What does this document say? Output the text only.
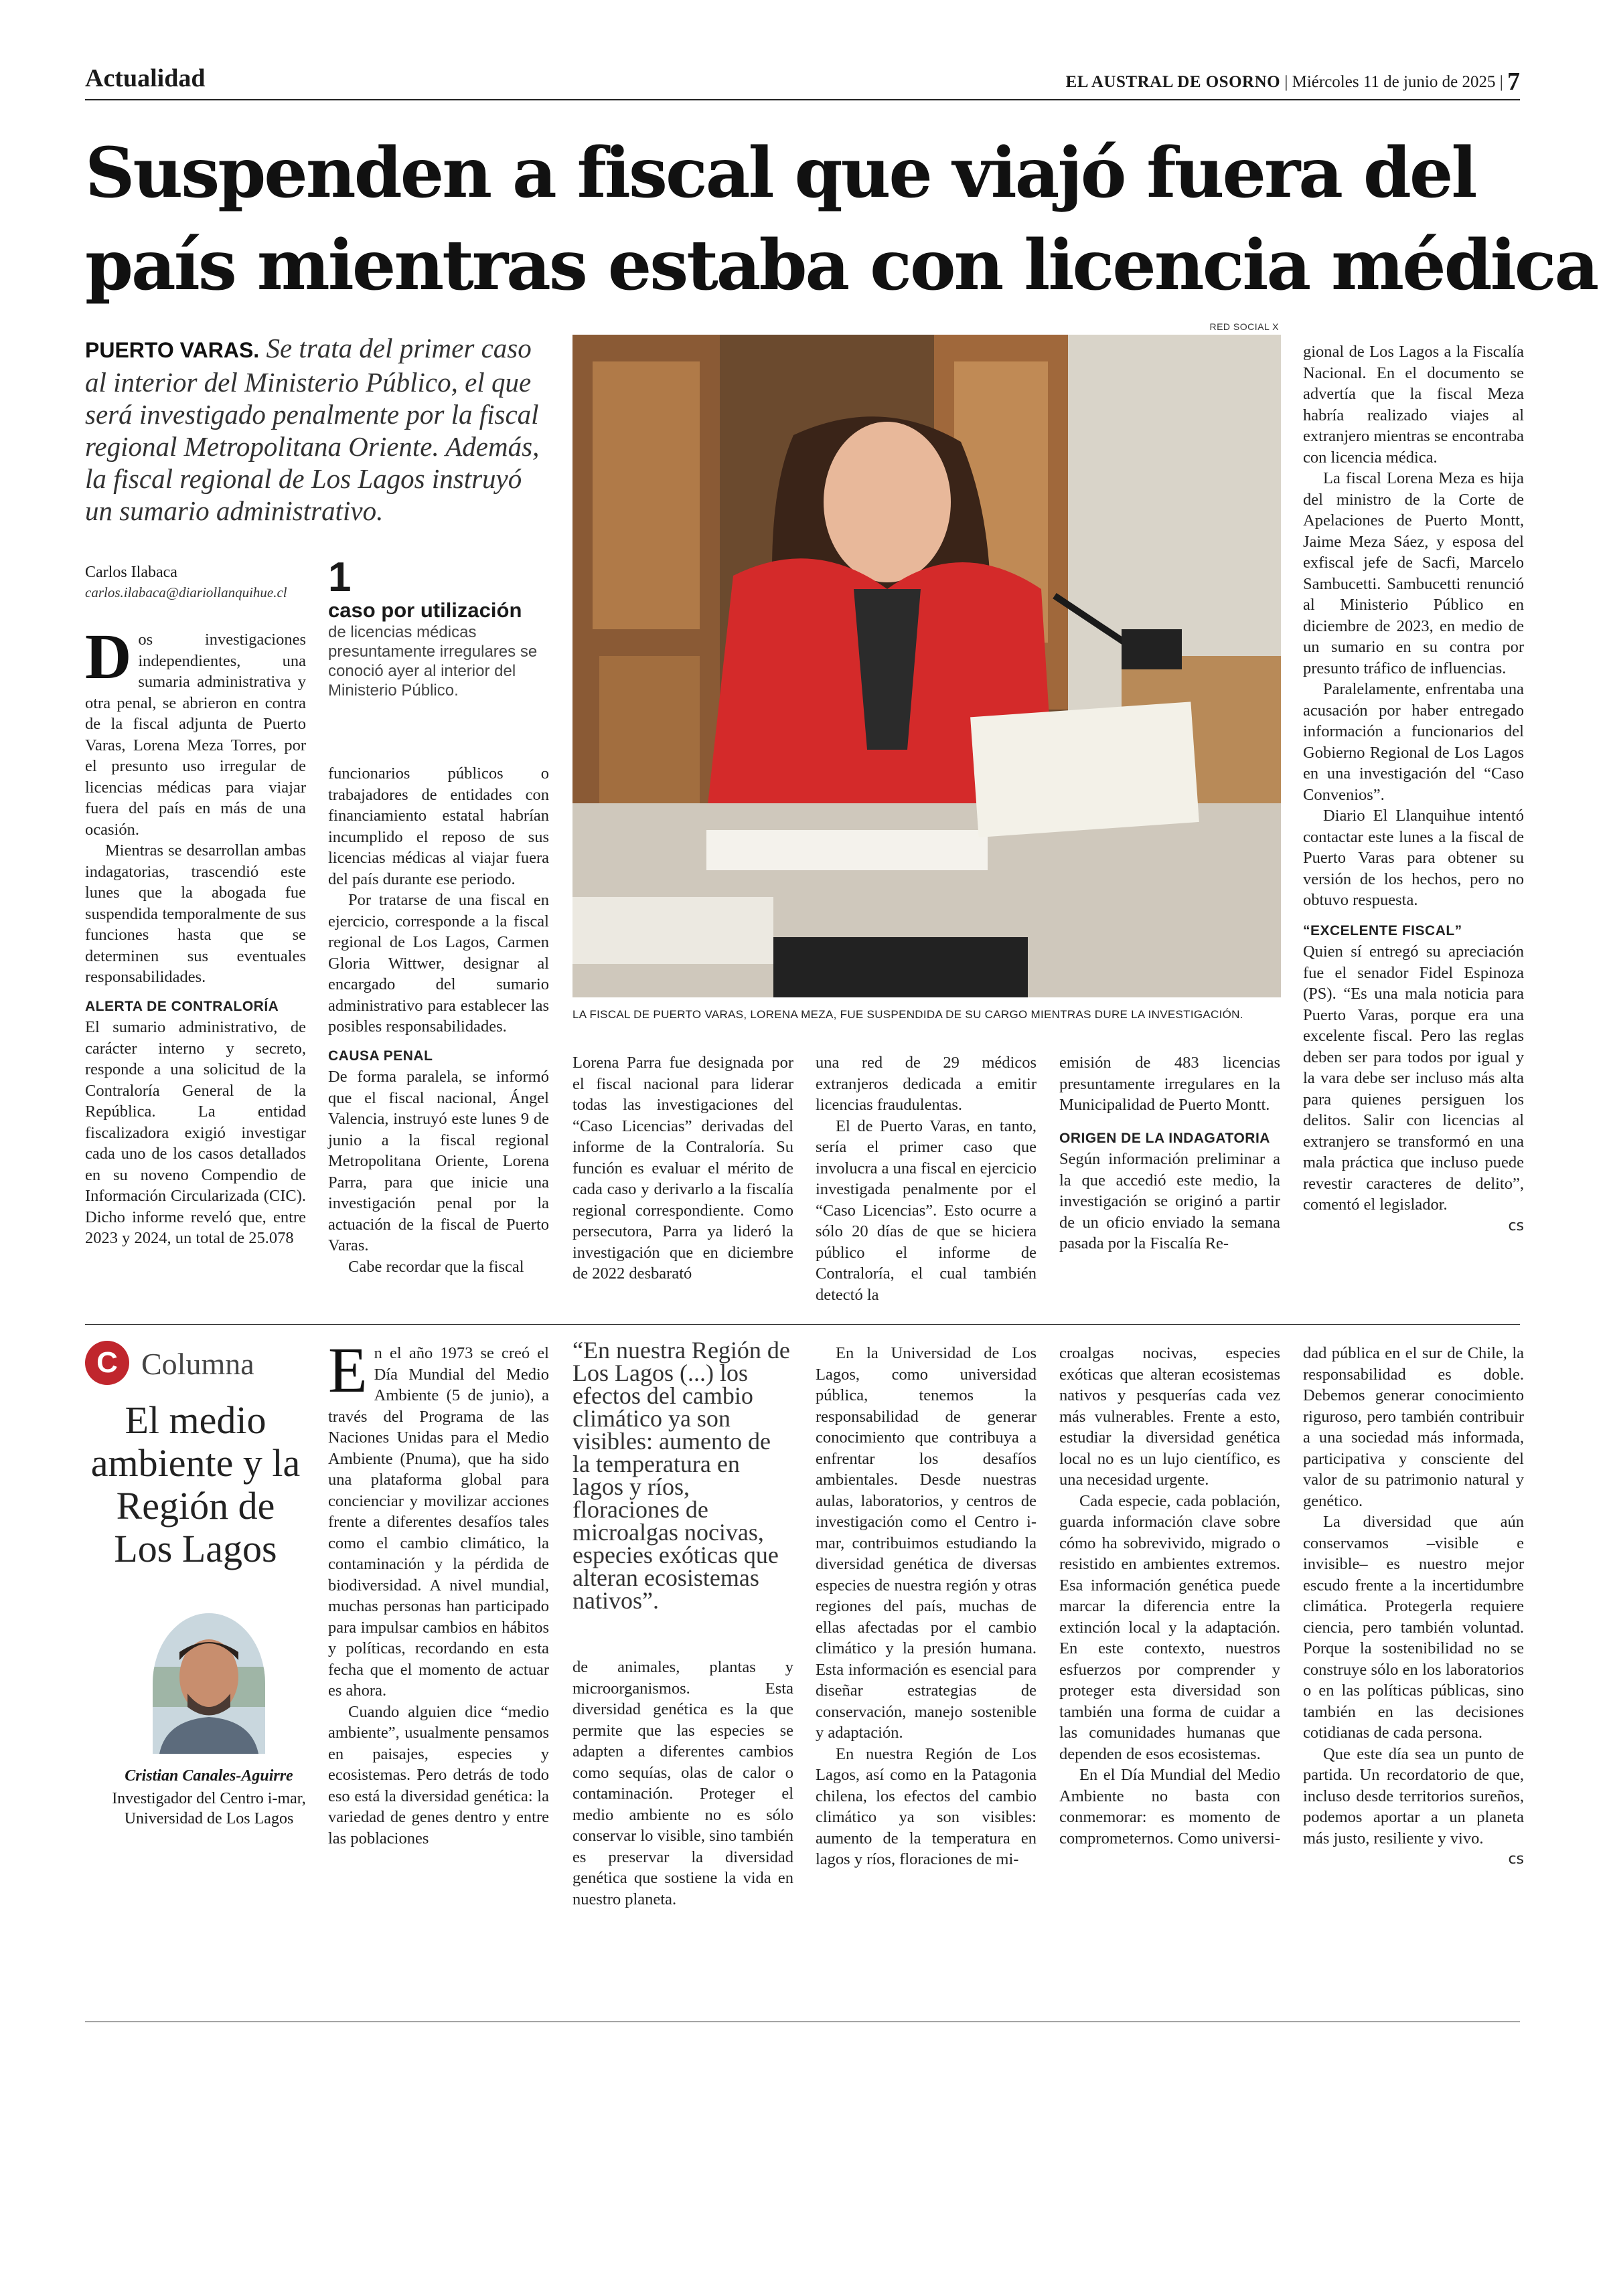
Actualidad	EL AUSTRAL DE OSORNO | Miércoles 11 de junio de 2025 | 7
Suspenden a fiscal que viajó fuera del
país mientras estaba con licencia médica
PUERTO VARAS. Se trata del primer caso al interior del Ministerio Público, el que será investigado penalmente por la fiscal regional Metropolitana Oriente. Además, la fiscal regional de Los Lagos instruyó un sumario administrativo.
Carlos Ilabaca
carlos.ilabaca@diariollanquihue.cl 1
caso por utilización
de licencias médicas presuntamente irregulares se conoció ayer al interior del Ministerio Público.

Dos investigaciones independientes, una sumaria administrativa y otra penal, se abrieron en contra de la fiscal adjunta de Puerto Varas, Lorena Meza Torres, por el presunto uso irregular de licencias médicas para viajar fuera del país en más de una ocasión.

Mientras se desarrollan ambas indagatorias, trascendió este lunes que la abogada fue suspendida temporalmente de sus funciones hasta que se determinen sus eventuales responsabilidades.

ALERTA DE CONTRALORÍA

El sumario administrativo, de carácter interno y secreto, responde a una solicitud de la Contraloría General de la República. La entidad fiscalizadora exigió investigar cada uno de los casos detallados en su noveno Compendio de Información Circularizada (CIC). Dicho informe reveló que, entre 2023 y 2024, un total de 25.078

funcionarios públicos o trabajadores de entidades con financiamiento estatal habrían incumplido el reposo de sus licencias médicas al viajar fuera del país durante ese periodo.

Por tratarse de una fiscal en ejercicio, corresponde a la fiscal regional de Los Lagos, Carmen Gloria Wittwer, designar al encargado del sumario administrativo para establecer las posibles responsabilidades.

CAUSA PENAL

De forma paralela, se informó que el fiscal nacional, Ángel Valencia, instruyó este lunes 9 de junio a la fiscal regional Metropolitana Oriente, Lorena Parra, para que inicie una investigación penal por la actuación de la fiscal de Puerto Varas.

Cabe recordar que la fiscal

RED SOCIAL X
LA FISCAL DE PUERTO VARAS, LORENA MEZA, FUE SUSPENDIDA DE SU CARGO MIENTRAS DURE LA INVESTIGACIÓN.

Lorena Parra fue designada por el fiscal nacional para liderar todas las investigaciones del “Caso Licencias” derivadas del informe de la Contraloría. Su función es evaluar el mérito de cada caso y derivarlo a la fiscalía regional correspondiente. Como persecutora, Parra ya lideró la investigación que en diciembre de 2022 desbarató

una red de 29 médicos extranjeros dedicada a emitir licencias fraudulentas.

El de Puerto Varas, en tanto, sería el primer caso que involucra a una fiscal en ejercicio investigada penalmente por el “Caso Licencias”. Esto ocurre a sólo 20 días de que se hiciera público el informe de Contraloría, el cual también detectó la

emisión de 483 licencias presuntamente irregulares en la Municipalidad de Puerto Montt.

ORIGEN DE LA INDAGATORIA

Según información preliminar a la que accedió este medio, la investigación se originó a partir de un oficio enviado la semana pasada por la Fiscalía Re-

gional de Los Lagos a la Fiscalía Nacional. En el documento se advertía que la fiscal Meza habría realizado viajes al extranjero mientras se encontraba con licencia médica.

La fiscal Lorena Meza es hija del ministro de la Corte de Apelaciones de Puerto Montt, Jaime Meza Sáez, y esposa del exfiscal jefe de Sacfi, Marcelo Sambucetti. Sambucetti renunció al Ministerio Público en diciembre de 2023, en medio de un sumario en su contra por presunto tráfico de influencias.

Paralelamente, enfrentaba una acusación por haber entregado información a funcionarios del Gobierno Regional de Los Lagos en una investigación del “Caso Convenios”.

Diario El Llanquihue intentó contactar este lunes a la fiscal de Puerto Varas para obtener su versión de los hechos, pero no obtuvo respuesta.

“EXCELENTE FISCAL”

Quien sí entregó su apreciación fue el senador Fidel Espinoza (PS). “Es una mala noticia para Puerto Varas, porque era una excelente fiscal. Pero las reglas deben ser para todos por igual y la vara debe ser incluso más alta para quienes persiguen los delitos. Salir con licencias al extranjero se transformó en una mala práctica que incluso puede revestir caracteres de delito”, comentó el legislador.

cs
C Columna
El medio ambiente y la Región de Los Lagos
Cristian Canales-Aguirre
Investigador del Centro i-mar, Universidad de Los Lagos

En el año 1973 se creó el Día Mundial del Medio Ambiente (5 de junio), a través del Programa de las Naciones Unidas para el Medio Ambiente (Pnuma), que ha sido una plataforma global para concienciar y movilizar acciones frente a diferentes desafíos tales como el cambio climático, la contaminación y la pérdida de biodiversidad. A nivel mundial, muchas personas han participado para impulsar cambios en hábitos y políticas, recordando en esta fecha que el momento de actuar es ahora.

Cuando alguien dice “medio ambiente”, usualmente pensamos en paisajes, especies y ecosistemas. Pero detrás de todo eso está la diversidad genética: la variedad de genes dentro y entre las poblaciones

“En nuestra Región de Los Lagos (...) los efectos del cambio climático ya son visibles: aumento de la temperatura en lagos y ríos, floraciones de microalgas nocivas, especies exóticas que alteran ecosistemas nativos”.

de animales, plantas y microorganismos. Esta diversidad genética es la que permite que las especies se adapten a diferentes cambios como sequías, olas de calor o contaminación. Proteger el medio ambiente no es sólo conservar lo visible, sino también es preservar la diversidad genética que sostiene la vida en nuestro planeta.

En la Universidad de Los Lagos, como universidad pública, tenemos la responsabilidad de generar conocimiento que contribuya a enfrentar los desafíos ambientales. Desde nuestras aulas, laboratorios, y centros de investigación como el Centro i-mar, contribuimos estudiando la diversidad genética de diversas especies de nuestra región y otras regiones del país, muchas de ellas afectadas por el cambio climático y la presión humana. Esta información es esencial para diseñar estrategias de conservación, manejo sostenible y adaptación.

En nuestra Región de Los Lagos, así como en la Patagonia chilena, los efectos del cambio climático ya son visibles: aumento de la temperatura en lagos y ríos, floraciones de mi-

croalgas nocivas, especies exóticas que alteran ecosistemas nativos y pesquerías cada vez más vulnerables. Frente a esto, estudiar la diversidad genética local no es un lujo científico, es una necesidad urgente.

Cada especie, cada población, guarda información clave sobre cómo ha sobrevivido, migrado o resistido en ambientes extremos. Esa información genética puede marcar la diferencia entre la extinción local y la adaptación. En este contexto, nuestros esfuerzos por comprender y proteger esta diversidad son también una forma de cuidar a las comunidades humanas que dependen de esos ecosistemas.

En el Día Mundial del Medio Ambiente no basta con conmemorar: es momento de comprometernos. Como universi-

dad pública en el sur de Chile, la responsabilidad es doble. Debemos generar conocimiento riguroso, pero también contribuir a una sociedad más informada, participativa y consciente del valor de su patrimonio natural y genético.

La diversidad que aún conservamos –visible e invisible– es nuestro mejor escudo frente a la incertidumbre climática. Protegerla requiere ciencia, pero también voluntad. Porque la sostenibilidad no se construye sólo en los laboratorios o en las políticas públicas, sino también en las decisiones cotidianas de cada persona.

Que este día sea un punto de partida. Un recordatorio de que, incluso desde territorios sureños, podemos aportar a un planeta más justo, resiliente y vivo.

cs
